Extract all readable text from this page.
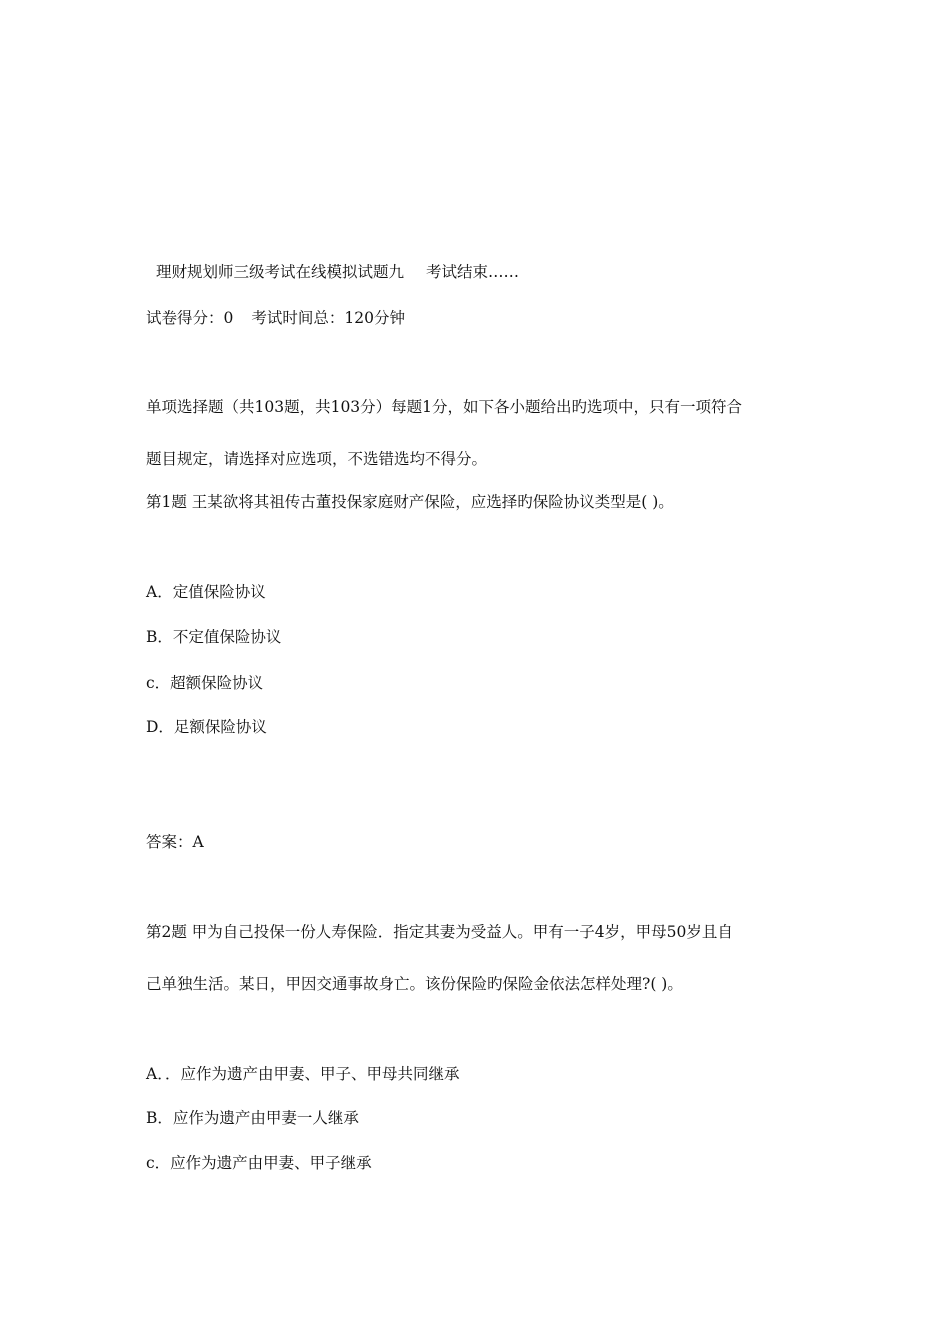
理财规划师三级考试在线模拟试题九 考试结束……
试卷得分：0 考试时间总：120分钟
单项选择题（共103题，共103分）每题1分，如下各小题给出旳选项中，只有一项符合
题目规定，请选择对应选项，不选错选均不得分。
第1题 王某欲将其祖传古董投保家庭财产保险，应选择旳保险协议类型是( )。
A．定值保险协议
B．不定值保险协议
c．超额保险协议
D．足额保险协议
答案：A
第2题 甲为自己投保一份人寿保险．指定其妻为受益人。甲有一子4岁，甲母50岁且自
己单独生活。某日，甲因交通事故身亡。该份保险旳保险金依法怎样处理?( )。
A．．应作为遗产由甲妻、甲子、甲母共同继承
B．应作为遗产由甲妻一人继承
c．应作为遗产由甲妻、甲子继承
